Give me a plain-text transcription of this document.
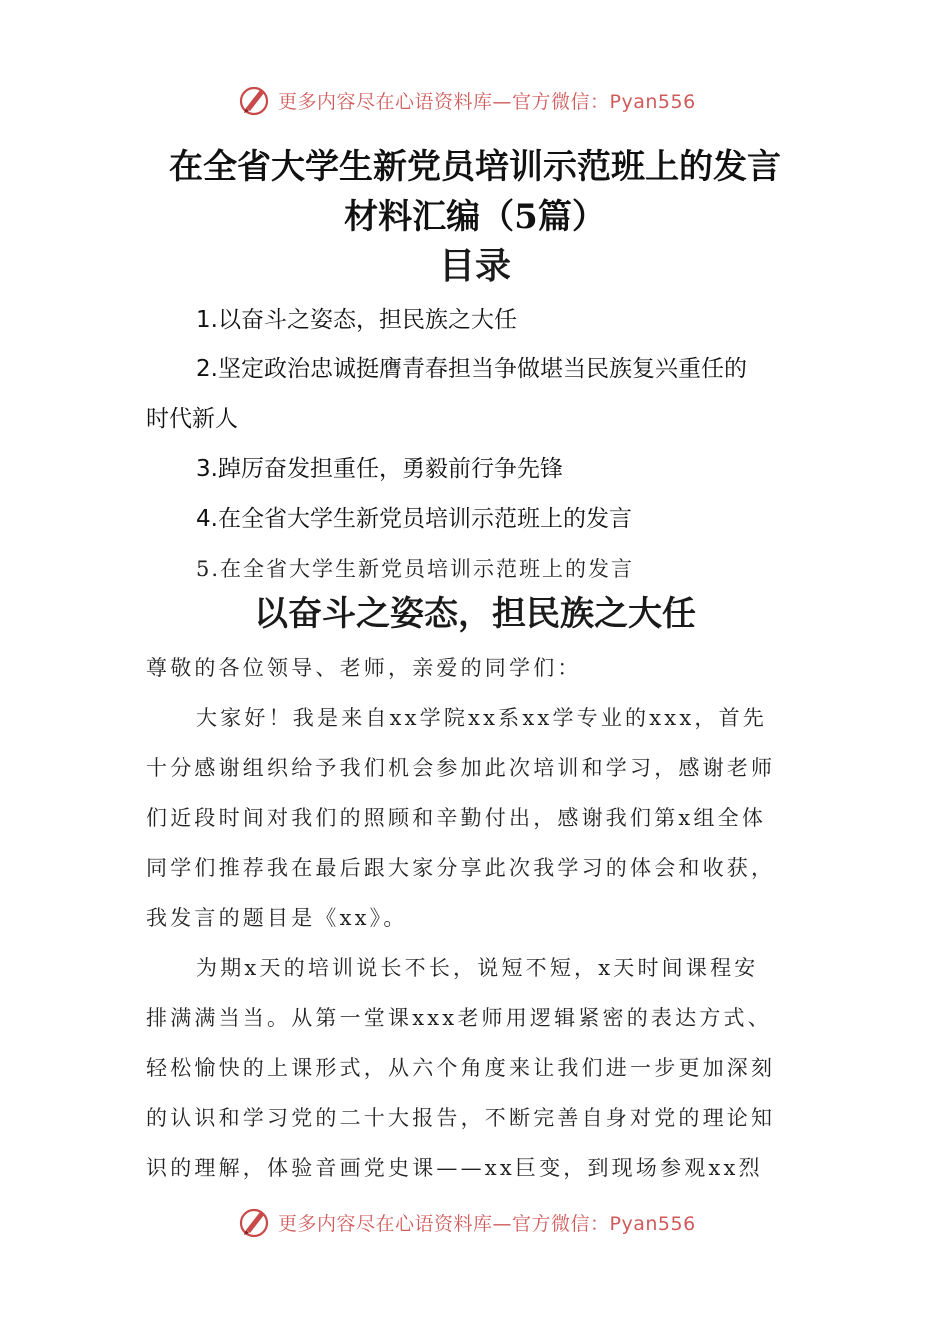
更多内容尽在心语资料库—官方微信：Pyan556
在全省大学生新党员培训示范班上的发言
材料汇编（5篇）
目录
1.以奋斗之姿态，担民族之大任
2.坚定政治忠诚挺膺青春担当争做堪当民族复兴重任的
时代新人
3.踔厉奋发担重任，勇毅前行争先锋
4.在全省大学生新党员培训示范班上的发言
5.在全省大学生新党员培训示范班上的发言
以奋斗之姿态，担民族之大任
尊敬的各位领导、老师，亲爱的同学们：
大家好！我是来自xx学院xx系xx学专业的xxx，首先
十分感谢组织给予我们机会参加此次培训和学习，感谢老师
们近段时间对我们的照顾和辛勤付出，感谢我们第x组全体
同学们推荐我在最后跟大家分享此次我学习的体会和收获，
我发言的题目是《xx》。
为期x天的培训说长不长，说短不短，x天时间课程安
排满满当当。从第一堂课xxx老师用逻辑紧密的表达方式、
轻松愉快的上课形式，从六个角度来让我们进一步更加深刻
的认识和学习党的二十大报告，不断完善自身对党的理论知
识的理解，体验音画党史课——xx巨变，到现场参观xx烈
更多内容尽在心语资料库—官方微信：Pyan556
